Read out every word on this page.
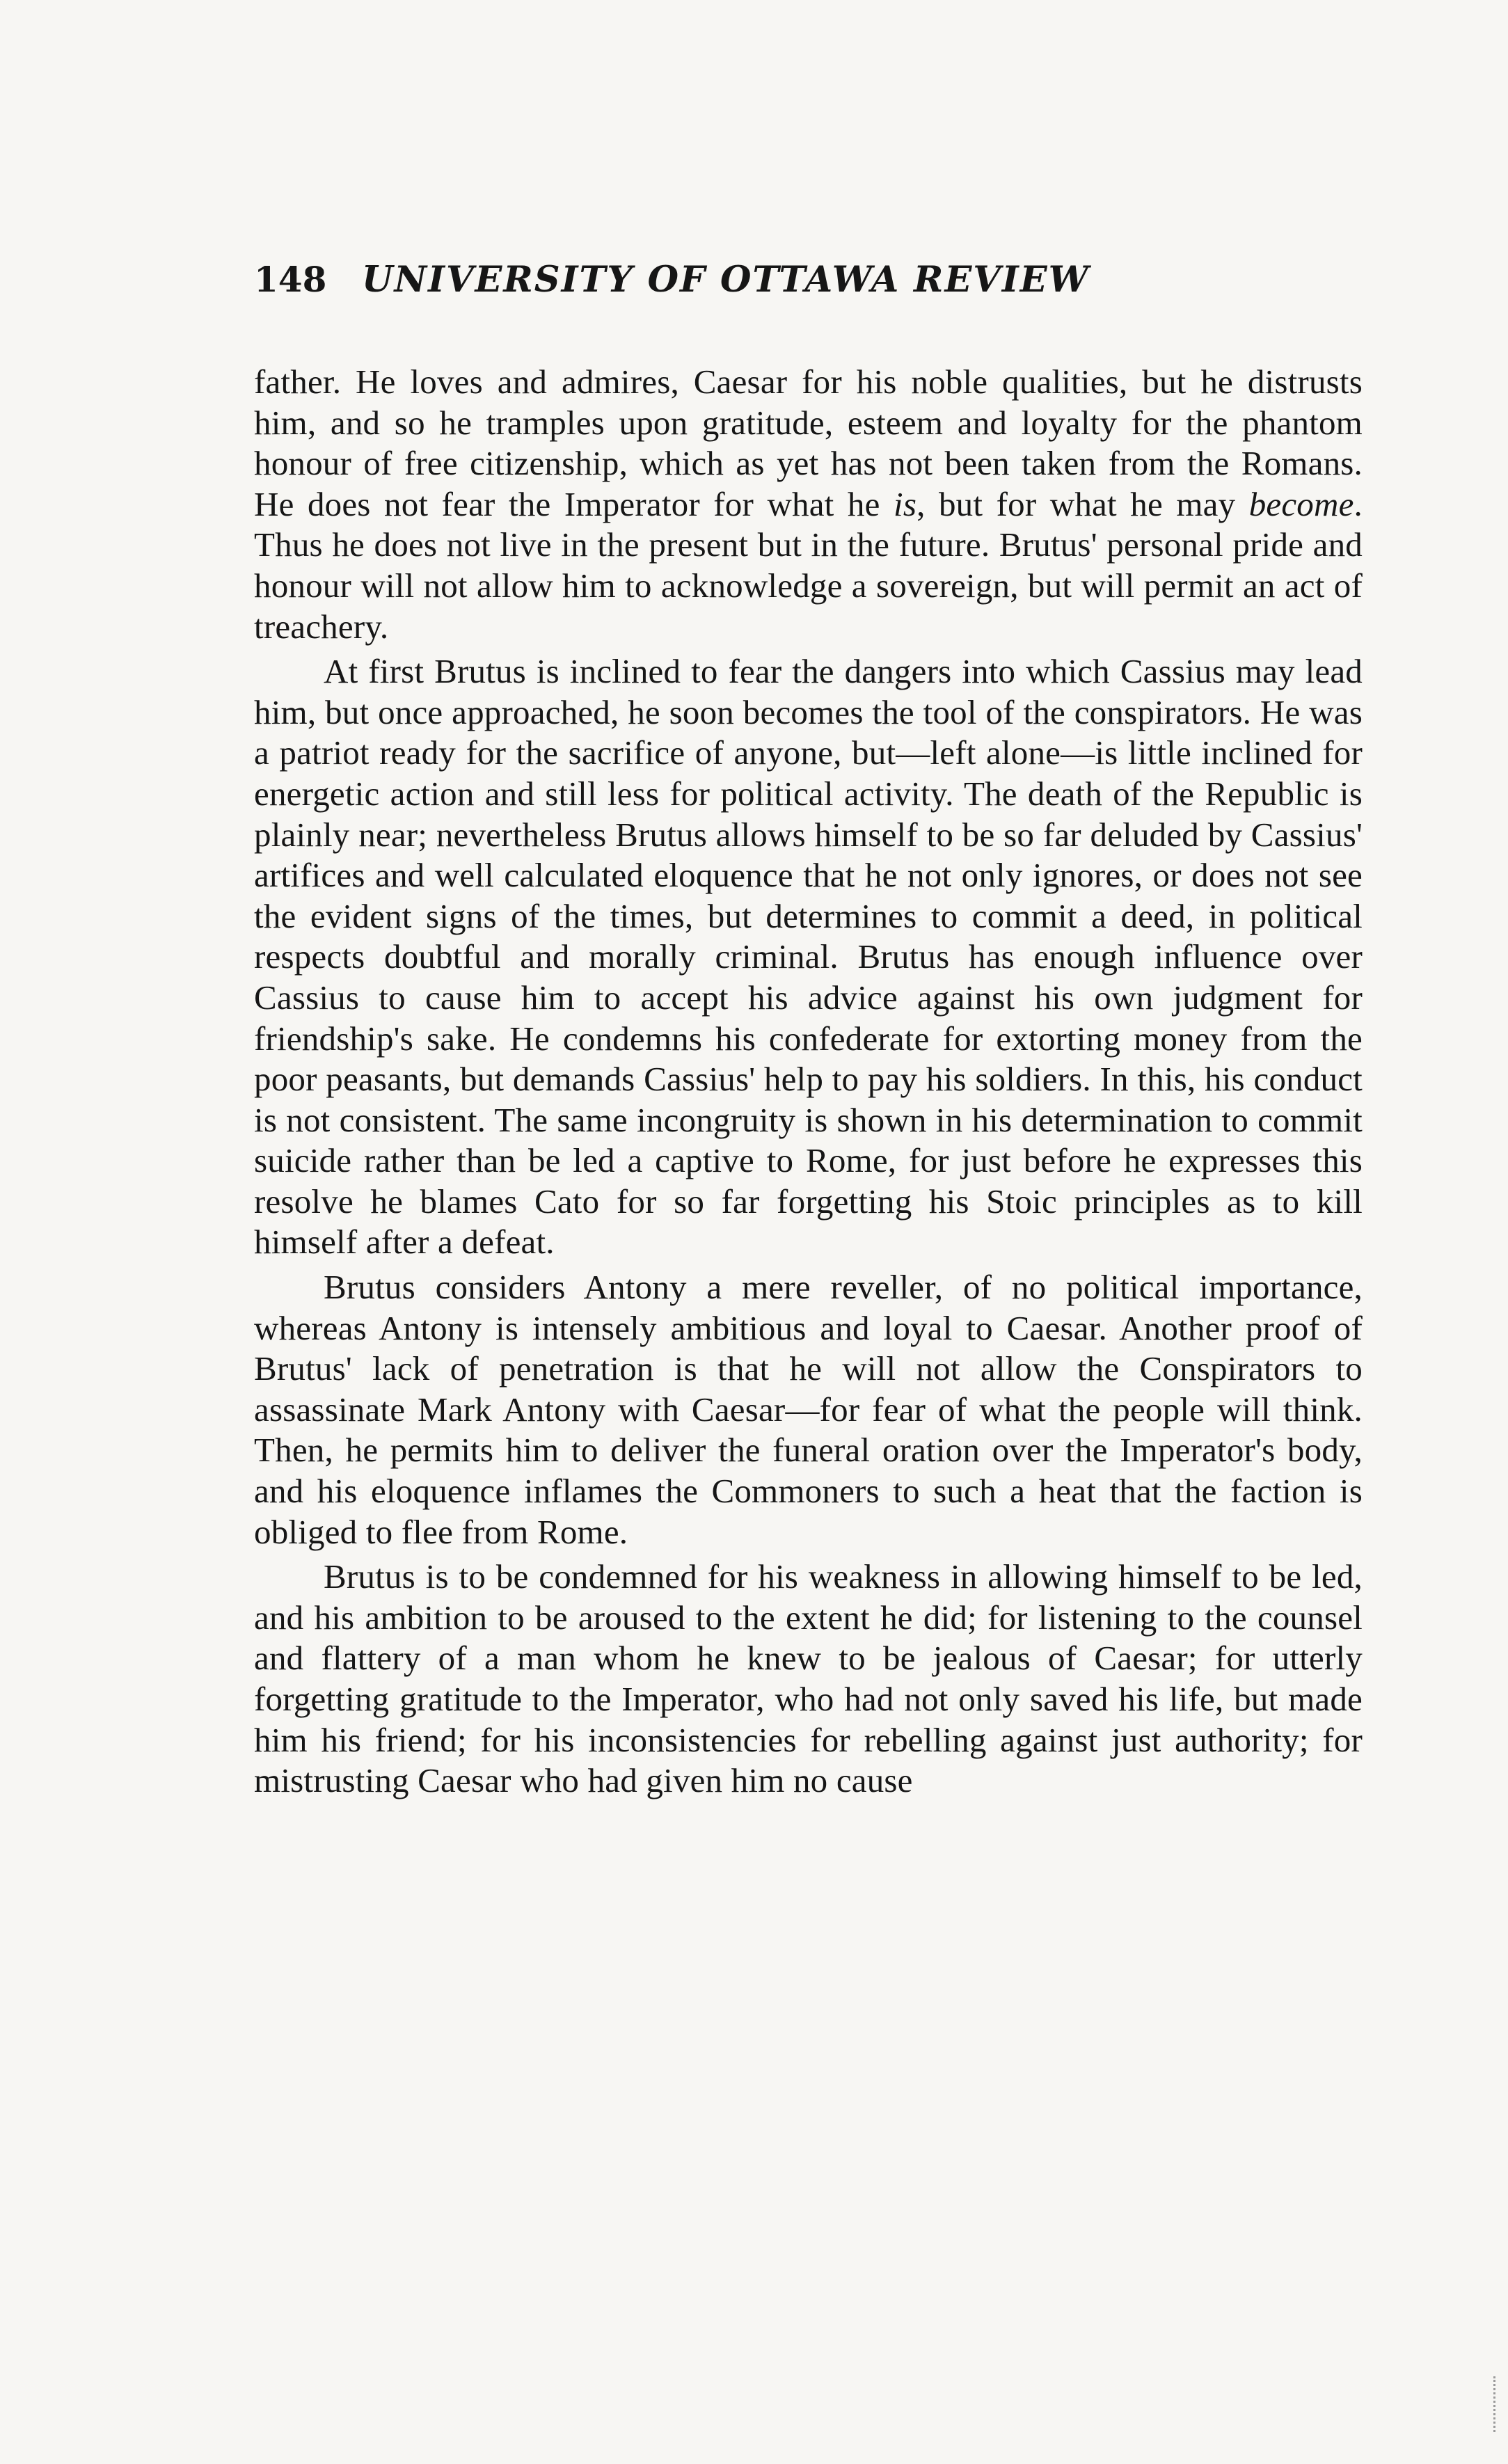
148 UNIVERSITY OF OTTAWA REVIEW

father. He loves and admires, Caesar for his noble qualities, but he distrusts him, and so he tramples upon gratitude, esteem and loyalty for the phantom honour of free citizenship, which as yet has not been taken from the Romans. He does not fear the Imperator for what he is, but for what he may become. Thus he does not live in the present but in the future. Brutus' personal pride and honour will not allow him to acknowledge a sovereign, but will permit an act of treachery.

At first Brutus is inclined to fear the dangers into which Cassius may lead him, but once approached, he soon becomes the tool of the conspirators. He was a patriot ready for the sacrifice of anyone, but—left alone—is little inclined for energetic action and still less for political activity. The death of the Republic is plainly near; nevertheless Brutus allows himself to be so far deluded by Cassius' artifices and well calculated eloquence that he not only ignores, or does not see the evident signs of the times, but determines to commit a deed, in political respects doubtful and morally criminal. Brutus has enough influence over Cassius to cause him to accept his advice against his own judgment for friendship's sake. He condemns his confederate for extorting money from the poor peasants, but demands Cassius' help to pay his soldiers. In this, his conduct is not consistent. The same incongruity is shown in his determination to commit suicide rather than be led a captive to Rome, for just before he expresses this resolve he blames Cato for so far forgetting his Stoic principles as to kill himself after a defeat.

Brutus considers Antony a mere reveller, of no political importance, whereas Antony is intensely ambitious and loyal to Caesar. Another proof of Brutus' lack of penetration is that he will not allow the Conspirators to assassinate Mark Antony with Caesar—for fear of what the people will think. Then, he permits him to deliver the funeral oration over the Imperator's body, and his eloquence inflames the Commoners to such a heat that the faction is obliged to flee from Rome.

Brutus is to be condemned for his weakness in allowing himself to be led, and his ambition to be aroused to the extent he did; for listening to the counsel and flattery of a man whom he knew to be jealous of Caesar; for utterly forgetting gratitude to the Imperator, who had not only saved his life, but made him his friend; for his inconsistencies for rebelling against just authority; for mistrusting Caesar who had given him no cause
